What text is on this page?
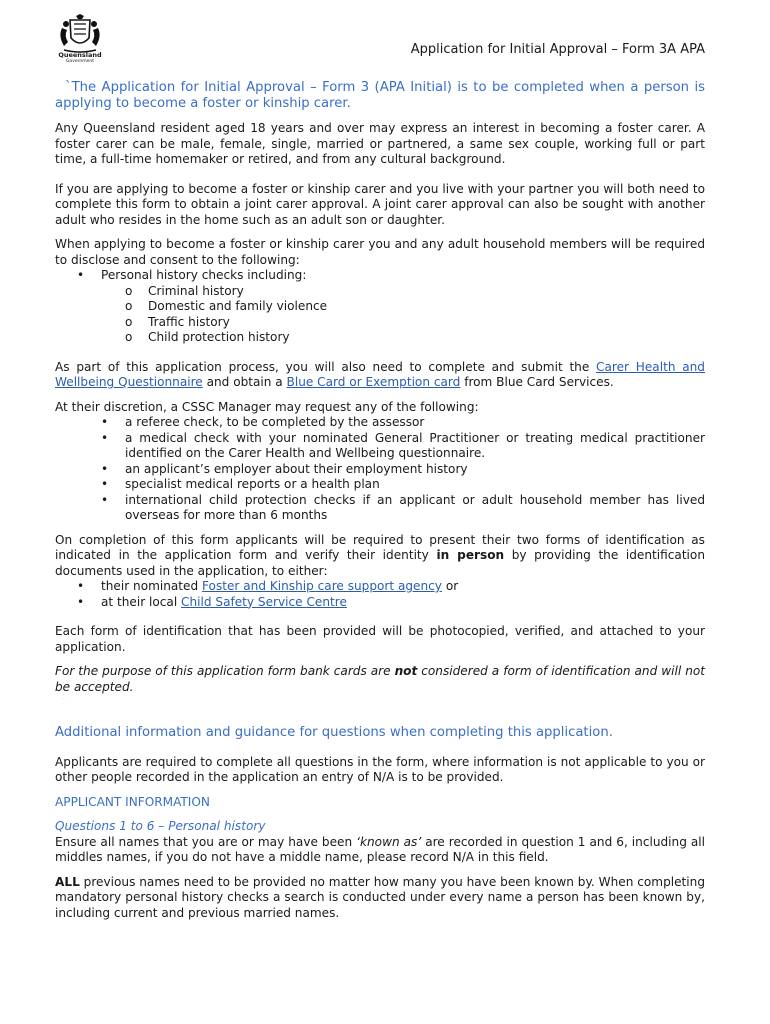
Queensland
Government
Application for Initial Approval – Form 3A APA

`The Application for Initial Approval – Form 3 (APA Initial) is to be completed when a person is applying to become a foster or kinship carer.

Any Queensland resident aged 18 years and over may express an interest in becoming a foster carer. A foster carer can be male, female, single, married or partnered, a same sex couple, working full or part time, a full-time homemaker or retired, and from any cultural background.

If you are applying to become a foster or kinship carer and you live with your partner you will both need to complete this form to obtain a joint carer approval. A joint carer approval can also be sought with another adult who resides in the home such as an adult son or daughter.

When applying to become a foster or kinship carer you and any adult household members will be required to disclose and consent to the following:

• Personal history checks including:
o Criminal history
o Domestic and family violence
o Traffic history
o Child protection history

As part of this application process, you will also need to complete and submit the Carer Health and Wellbeing Questionnaire and obtain a Blue Card or Exemption card from Blue Card Services.

At their discretion, a CSSC Manager may request any of the following:

• a referee check, to be completed by the assessor
• a medical check with your nominated General Practitioner or treating medical practitioner identified on the Carer Health and Wellbeing questionnaire.
• an applicant’s employer about their employment history
• specialist medical reports or a health plan
• international child protection checks if an applicant or adult household member has lived overseas for more than 6 months

On completion of this form applicants will be required to present their two forms of identification as indicated in the application form and verify their identity in person by providing the identification documents used in the application, to either:

• their nominated Foster and Kinship care support agency or
• at their local Child Safety Service Centre

Each form of identification that has been provided will be photocopied, verified, and attached to your application.

For the purpose of this application form bank cards are not considered a form of identification and will not be accepted.

·

Additional information and guidance for questions when completing this application.

Applicants are required to complete all questions in the form, where information is not applicable to you or other people recorded in the application an entry of N/A is to be provided.

APPLICANT INFORMATION

Questions 1 to 6 – Personal history

Ensure all names that you are or may have been ‘known as’ are recorded in question 1 and 6, including all middles names, if you do not have a middle name, please record N/A in this field.

ALL previous names need to be provided no matter how many you have been known by. When completing mandatory personal history checks a search is conducted under every name a person has been known by, including current and previous married names.
